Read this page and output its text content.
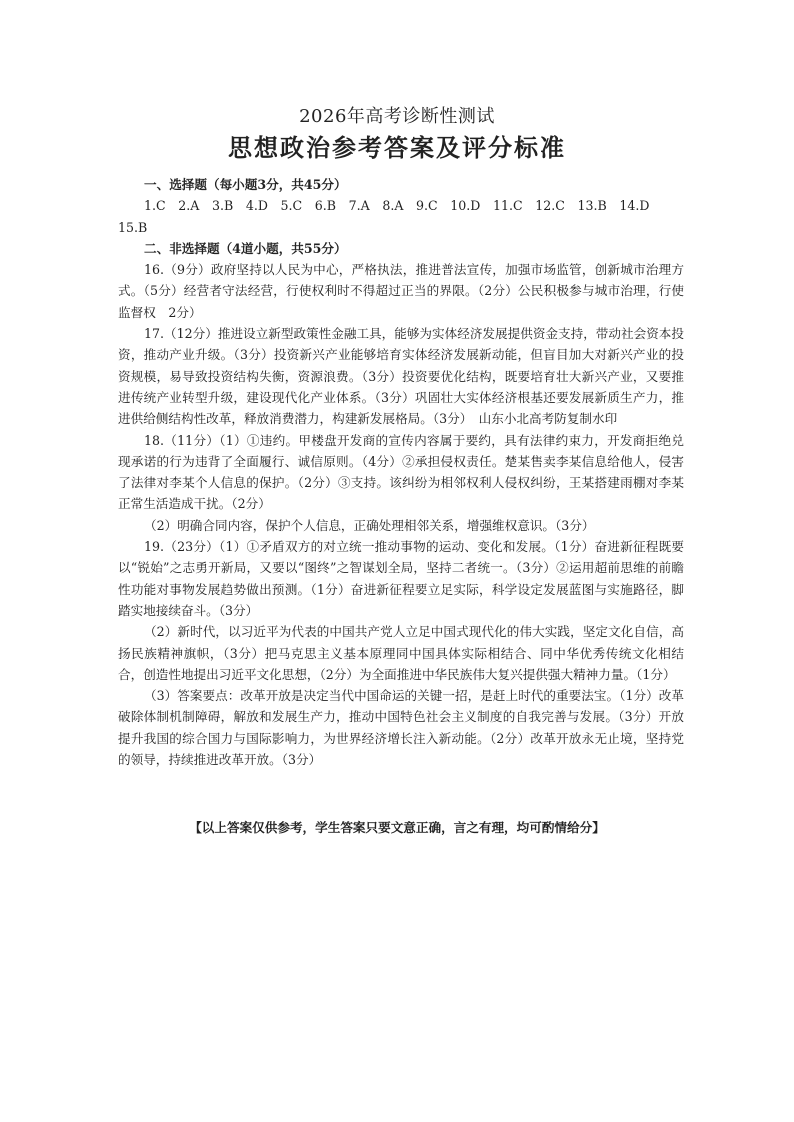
2026年高考诊断性测试
思想政治参考答案及评分标准
一、选择题（每小题3分，共45分）
1.C　2.A　3.B　4.D　5.C　6.B　7.A　8.A　9.C　10.D　11.C　12.C　13.B　14.D
15.B
二、非选择题（4道小题，共55分）

16.（9分）政府坚持以人民为中心，严格执法，推进普法宣传，加强市场监管，创新城市治理方式。（5分）经营者守法经营，行使权利时不得超过正当的界限。（2分）公民积极参与城市治理，行使监督权　2分）

17.（12分）推进设立新型政策性金融工具，能够为实体经济发展提供资金支持，带动社会资本投资，推动产业升级。（3分）投资新兴产业能够培育实体经济发展新动能，但盲目加大对新兴产业的投资规模，易导致投资结构失衡，资源浪费。（3分）投资要优化结构，既要培育壮大新兴产业，又要推进传统产业转型升级，建设现代化产业体系。（3分）巩固壮大实体经济根基还要发展新质生产力，推进供给侧结构性改革，释放消费潜力，构建新发展格局。（3分）　山东小北高考防复制水印

18.（11分）（1）①违约。甲楼盘开发商的宣传内容属于要约，具有法律约束力，开发商拒绝兑现承诺的行为违背了全面履行、诚信原则。（4分）②承担侵权责任。楚某售卖李某信息给他人，侵害了法律对李某个人信息的保护。（2分）③支持。该纠纷为相邻权利人侵权纠纷，王某搭建雨棚对李某正常生活造成干扰。（2分）

（2）明确合同内容，保护个人信息，正确处理相邻关系，增强维权意识。（3分）

19.（23分）（1）①矛盾双方的对立统一推动事物的运动、变化和发展。（1分）奋进新征程既要以“锐始”之志勇开新局，又要以“图终”之智谋划全局，坚持二者统一。（3分）②运用超前思维的前瞻性功能对事物发展趋势做出预测。（1分）奋进新征程要立足实际，科学设定发展蓝图与实施路径，脚踏实地接续奋斗。（3分）

（2）新时代，以习近平为代表的中国共产党人立足中国式现代化的伟大实践，坚定文化自信，高扬民族精神旗帜，（3分）把马克思主义基本原理同中国具体实际相结合、同中华优秀传统文化相结合，创造性地提出习近平文化思想，（2分）为全面推进中华民族伟大复兴提供强大精神力量。（1分）

（3）答案要点：改革开放是决定当代中国命运的关键一招，是赶上时代的重要法宝。（1分）改革破除体制机制障碍，解放和发展生产力，推动中国特色社会主义制度的自我完善与发展。（3分）开放提升我国的综合国力与国际影响力，为世界经济增长注入新动能。（2分）改革开放永无止境，坚持党的领导，持续推进改革开放。（3分）

【以上答案仅供参考，学生答案只要文意正确，言之有理，均可酌情给分】
